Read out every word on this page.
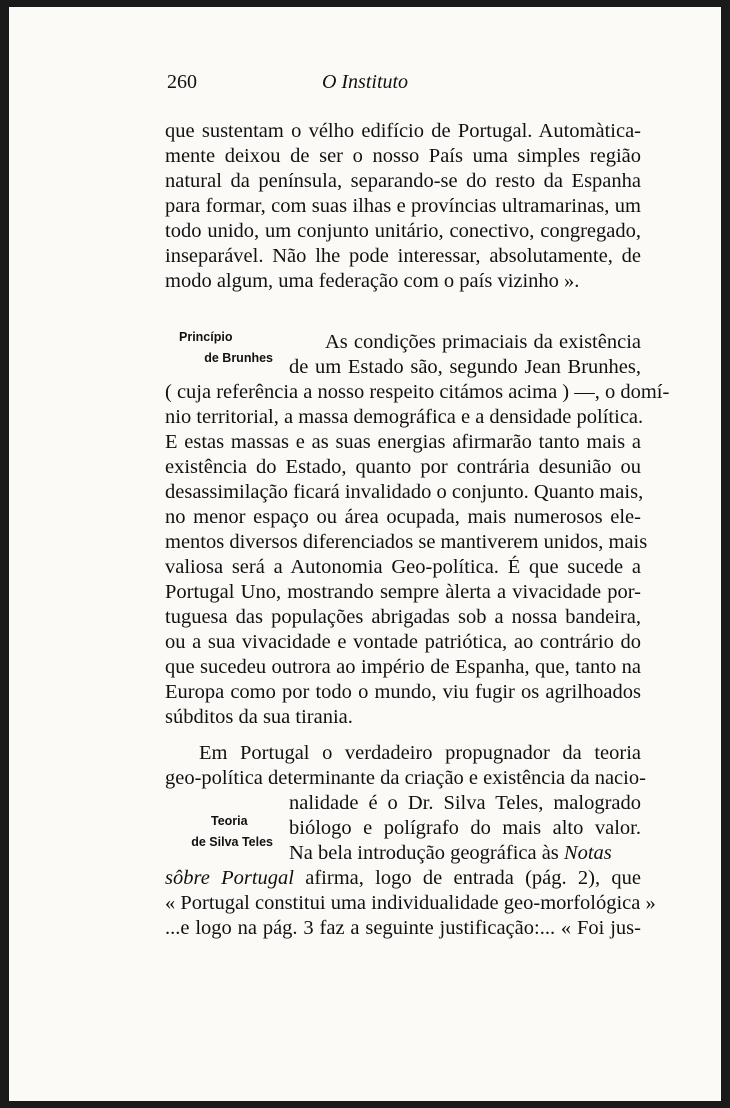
260	O Instituto
que sustentam o vélho edifício de Portugal. Automàtica-
mente deixou de ser o nosso País uma simples região
natural da península, separando-se do resto da Espanha
para formar, com suas ilhas e províncias ultramarinas, um
todo unido, um conjunto unitário, conectivo, congregado,
inseparável. Não lhe pode interessar, absolutamente, de
modo algum, uma federação com o país vizinho ».
Princípio
de Brunhes
As condições primaciais da existência
de um Estado são, segundo Jean Brunhes,
( cuja referência a nosso respeito citámos acima ) —, o domí-
nio territorial, a massa demográfica e a densidade política.
E estas massas e as suas energias afirmarão tanto mais a
existência do Estado, quanto por contrária desunião ou
desassimilação ficará invalidado o conjunto. Quanto mais,
no menor espaço ou área ocupada, mais numerosos ele-
mentos diversos diferenciados se mantiverem unidos, mais
valiosa será a Autonomia Geo-política. É que sucede a
Portugal Uno, mostrando sempre àlerta a vivacidade por-
tuguesa das populações abrigadas sob a nossa bandeira,
ou a sua vivacidade e vontade patriótica, ao contrário do
que sucedeu outrora ao império de Espanha, que, tanto na
Europa como por todo o mundo, viu fugir os agrilhoados
súbditos da sua tirania.
Em Portugal o verdadeiro propugnador da teoria
geo-política determinante da criação e existência da nacio-
Teoria
de Silva Teles
nalidade é o Dr. Silva Teles, malogrado
biólogo e polígrafo do mais alto valor.
Na bela introdução geográfica às Notas
sôbre Portugal afirma, logo de entrada (pág. 2), que
« Portugal constitui uma individualidade geo-morfológica »
...e logo na pág. 3 faz a seguinte justificação:... « Foi jus-
